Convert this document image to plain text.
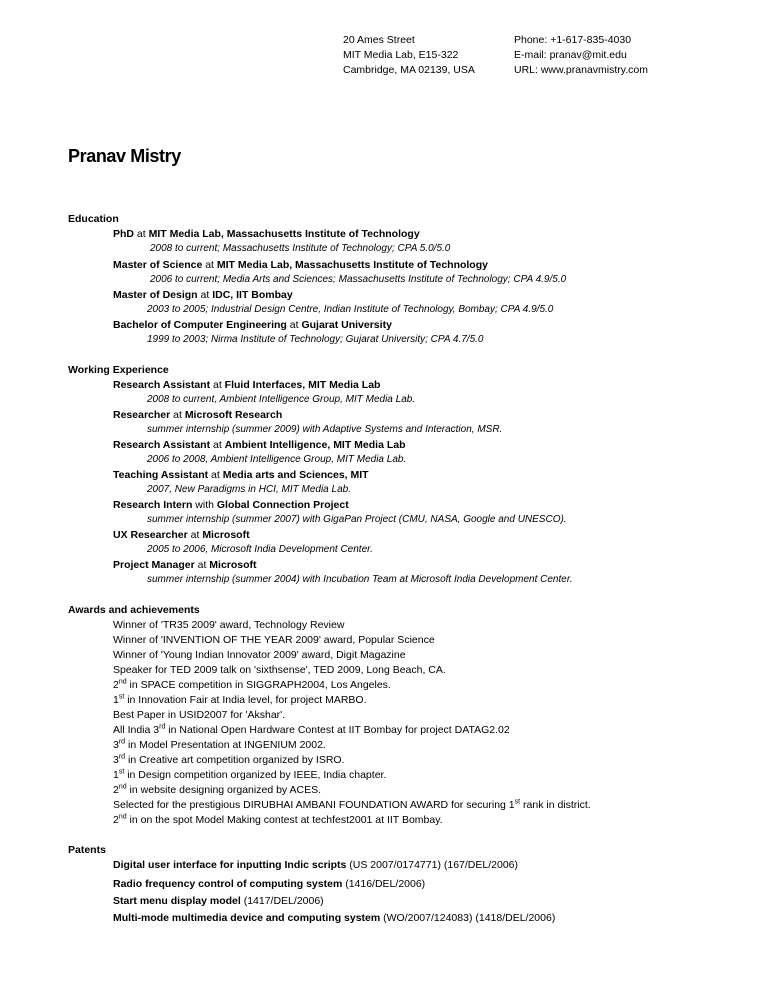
20 Ames Street
MIT Media Lab, E15-322
Cambridge, MA 02139, USA
Phone: +1-617-835-4030
E-mail: pranav@mit.edu
URL: www.pranavmistry.com
Pranav Mistry
Education
PhD at MIT Media Lab, Massachusetts Institute of Technology
2008 to current; Massachusetts Institute of Technology; CPA 5.0/5.0
Master of Science at MIT Media Lab, Massachusetts Institute of Technology
2006 to current; Media Arts and Sciences; Massachusetts Institute of Technology; CPA 4.9/5.0
Master of Design at IDC, IIT Bombay
2003 to 2005; Industrial Design Centre, Indian Institute of Technology, Bombay; CPA 4.9/5.0
Bachelor of Computer Engineering at Gujarat University
1999 to 2003; Nirma Institute of Technology; Gujarat University; CPA 4.7/5.0
Working Experience
Research Assistant at Fluid Interfaces, MIT Media Lab
2008 to current, Ambient Intelligence Group, MIT Media Lab.
Researcher at Microsoft Research
summer internship (summer 2009) with Adaptive Systems and Interaction, MSR.
Research Assistant at Ambient Intelligence, MIT Media Lab
2006 to 2008, Ambient Intelligence Group, MIT Media Lab.
Teaching Assistant at Media arts and Sciences, MIT
2007, New Paradigms in HCI, MIT Media Lab.
Research Intern with Global Connection Project
summer internship (summer 2007) with GigaPan Project (CMU, NASA, Google and UNESCO).
UX Researcher at Microsoft
2005 to 2006, Microsoft India Development Center.
Project Manager at Microsoft
summer internship (summer 2004) with Incubation Team at Microsoft India Development Center.
Awards and achievements
Winner of 'TR35 2009' award, Technology Review
Winner of 'INVENTION OF THE YEAR 2009' award, Popular Science
Winner of 'Young Indian Innovator 2009' award, Digit Magazine
Speaker for TED 2009 talk on 'sixthsense', TED 2009, Long Beach, CA.
2nd in SPACE competition in SIGGRAPH2004, Los Angeles.
1st in Innovation Fair at India level, for project MARBO.
Best Paper in USID2007 for 'Akshar'.
All India 3rd in National Open Hardware Contest at IIT Bombay for project DATAG2.02
3rd in Model Presentation at INGENIUM 2002.
3rd in Creative art competition organized by ISRO.
1st in Design competition organized by IEEE, India chapter.
2nd in website designing organized by ACES.
Selected for the prestigious DIRUBHAI AMBANI FOUNDATION AWARD for securing 1st rank in district.
2nd in on the spot Model Making contest at techfest2001 at IIT Bombay.
Patents
Digital user interface for inputting Indic scripts (US 2007/0174771) (167/DEL/2006)
Radio frequency control of computing system (1416/DEL/2006)
Start menu display model (1417/DEL/2006)
Multi-mode multimedia device and computing system (WO/2007/124083) (1418/DEL/2006)
